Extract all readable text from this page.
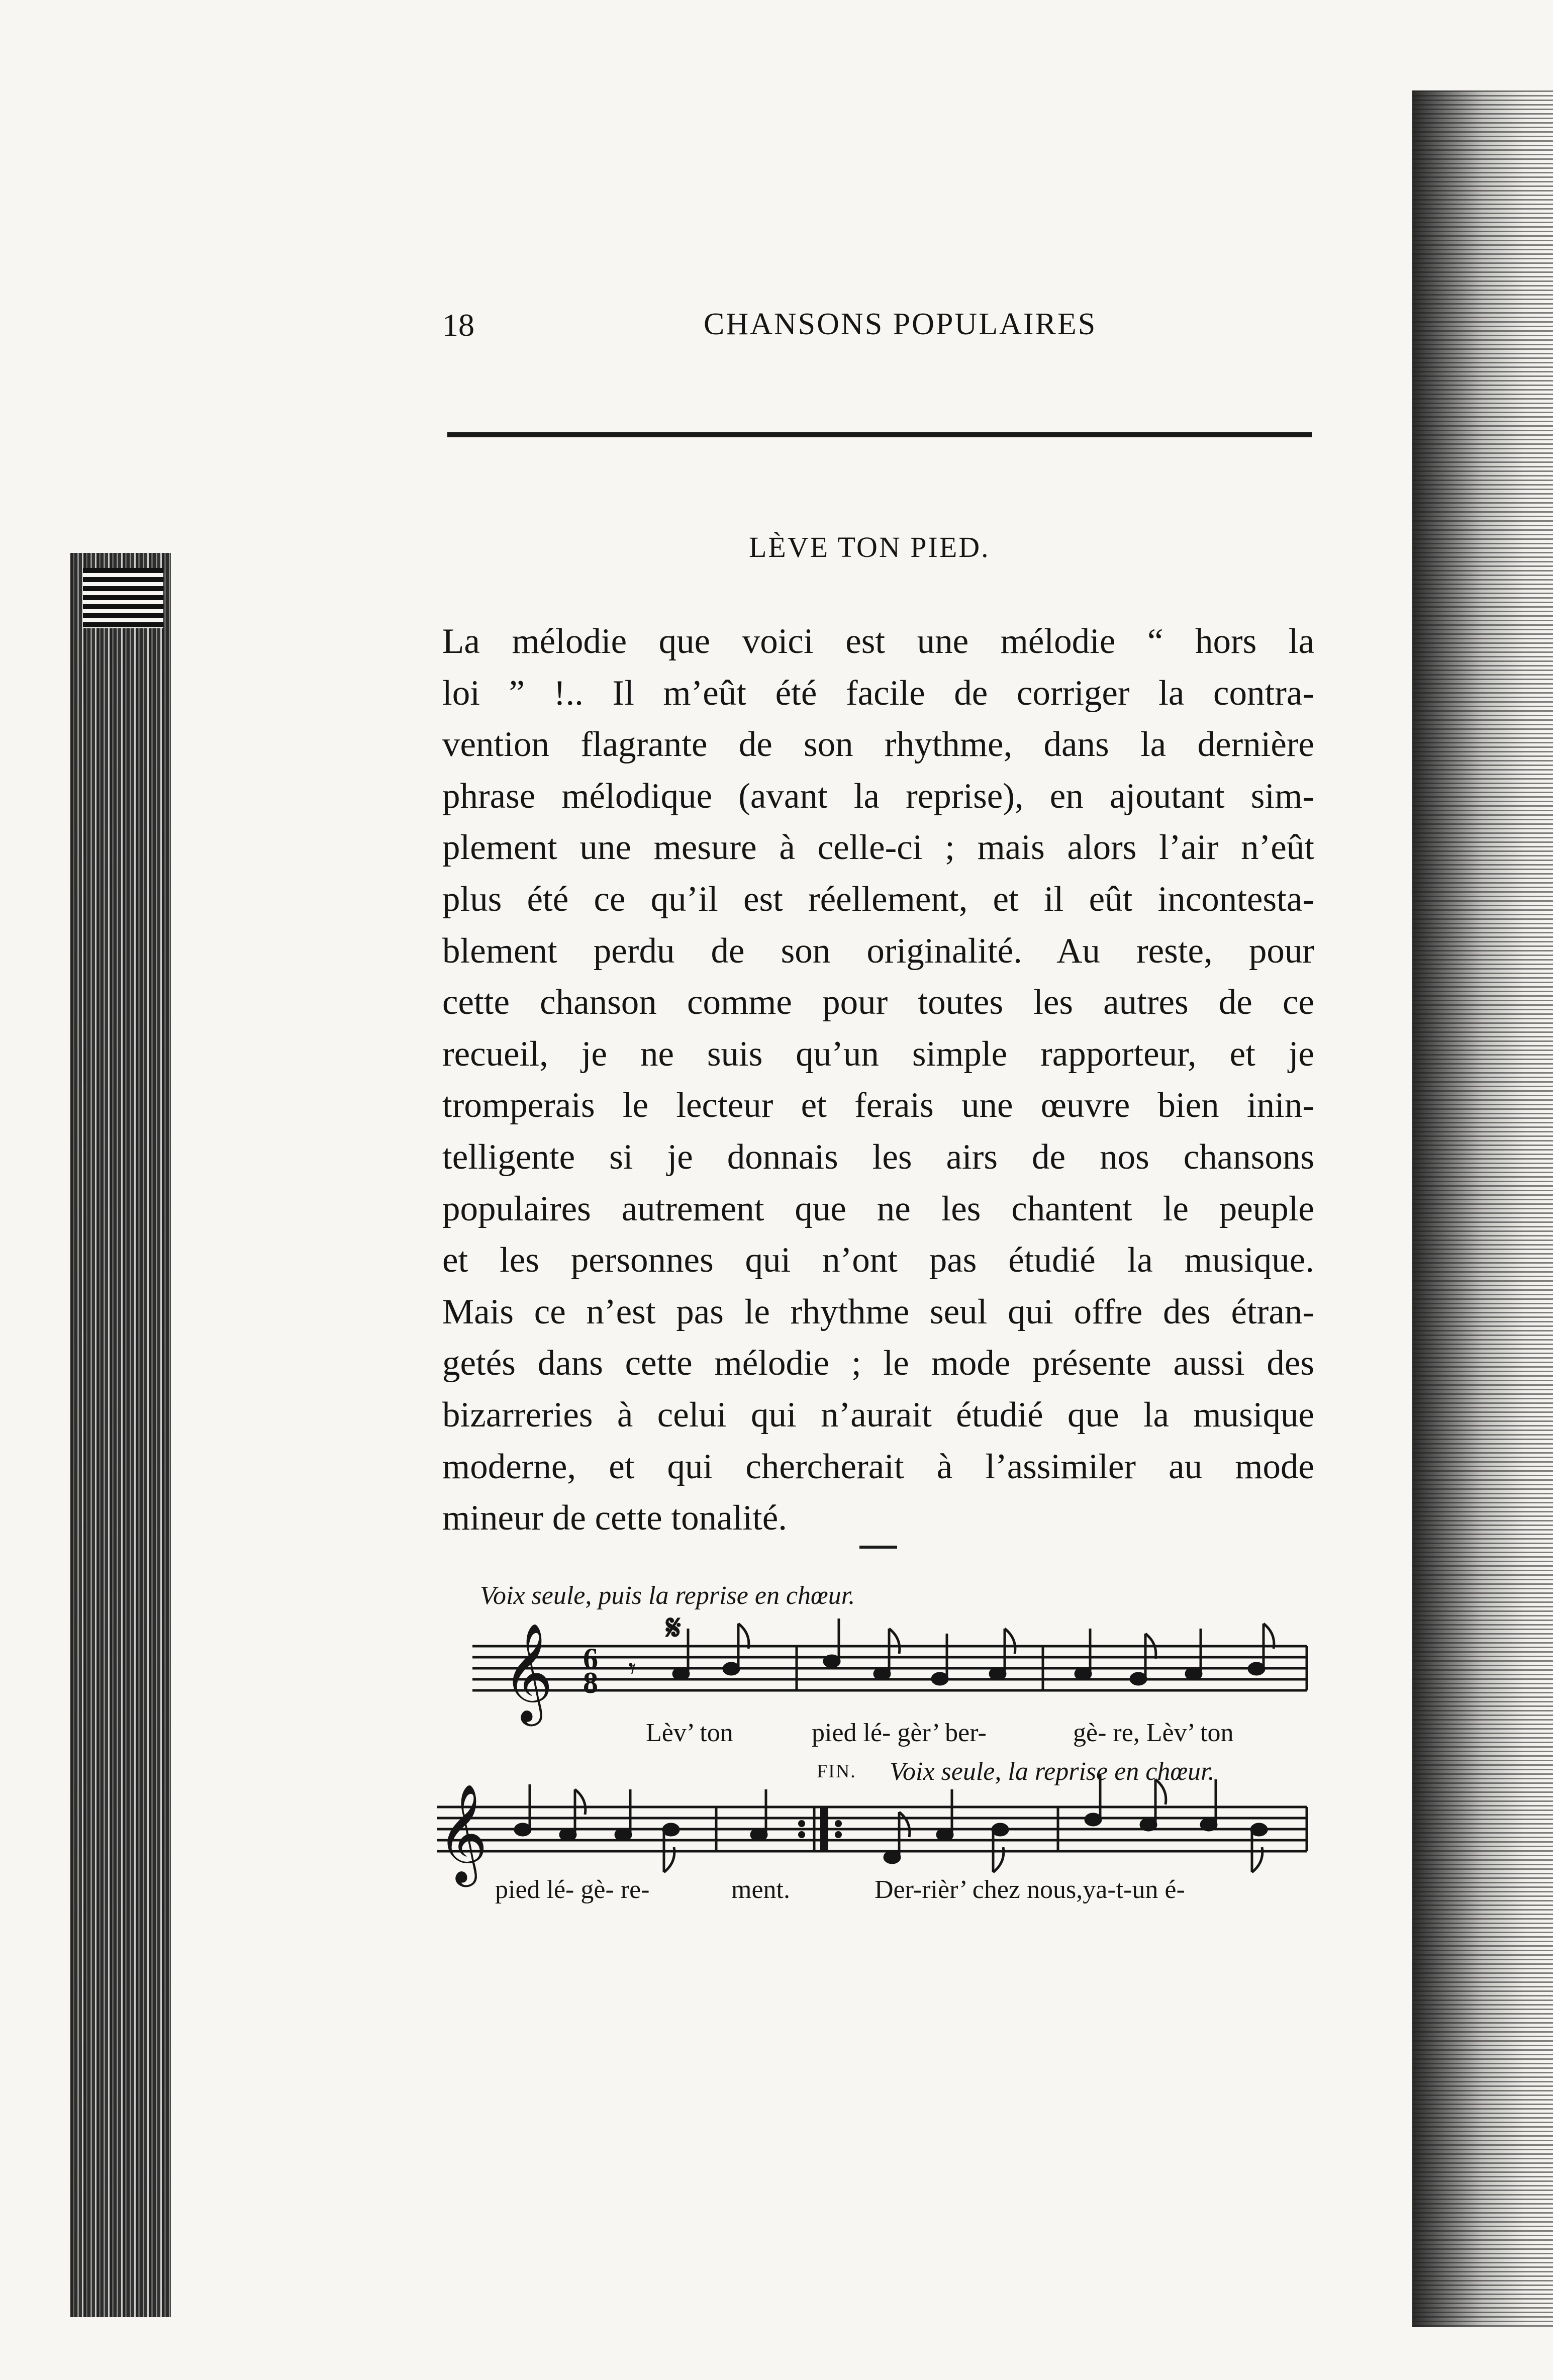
18	CHANSONS POPULAIRES
LÈVE TON PIED.
La mélodie que voici est une mélodie “ hors la
loi ” !.. Il m’eût été facile de corriger la contra-
vention flagrante de son rhythme, dans la dernière
phrase mélodique (avant la reprise), en ajoutant sim-
plement une mesure à celle-ci ; mais alors l’air n’eût
plus été ce qu’il est réellement, et il eût incontesta-
blement perdu de son originalité. Au reste, pour
cette chanson comme pour toutes les autres de ce
recueil, je ne suis qu’un simple rapporteur, et je
tromperais le lecteur et ferais une œuvre bien inin-
telligente si je donnais les airs de nos chansons
populaires autrement que ne les chantent le peuple
et les personnes qui n’ont pas étudié la musique.
Mais ce n’est pas le rhythme seul qui offre des étran-
getés dans cette mélodie ; le mode présente aussi des
bizarreries à celui qui n’aurait étudié que la musique
moderne, et qui chercherait à l’assimiler au mode
mineur de cette tonalité.
Voix seule, puis la reprise en chœur.
𝄋
FIN. Voix seule, la reprise en chœur.
𝄞 6
8 𝄾
𝄞
Lèv’ ton	pied lé- gèr’ ber-	gè- re, Lèv’ ton
pied lé- gè- re-	ment.	Der-rièr’ chez nous,ya-t-un é-
